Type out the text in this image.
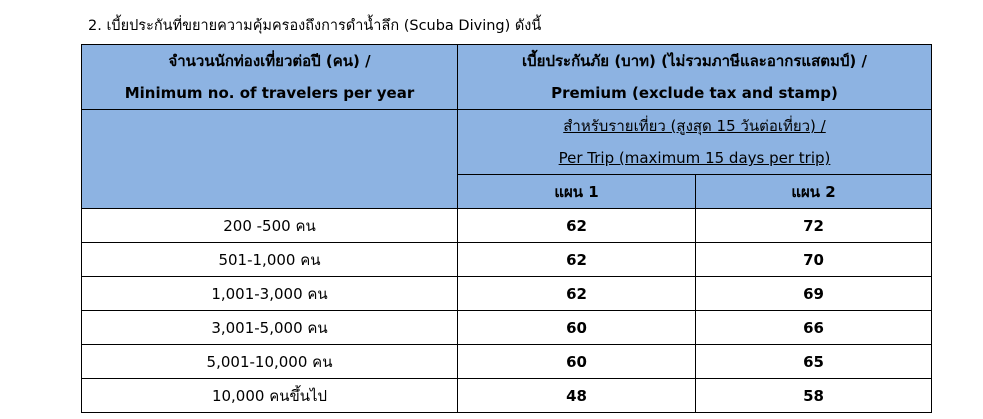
2. เบี้ยประกันที่ขยายความคุ้มครองถึงการดำน้ำลึก (Scuba Diving) ดังนี้
จำนวนนักท่องเที่ยวต่อปี (คน) /	เบี้ยประกันภัย (บาท) (ไม่รวมภาษีและอากรแสตมป์) /	
Minimum no. of travelers per year	Premium (exclude tax and stamp)	
	สำหรับรายเที่ยว (สูงสุด 15 วันต่อเที่ยว) /	
	Per Trip (maximum 15 days per trip)	
	แผน 1	แผน 2
200 -500 คน	62	72
501-1,000 คน	62	70
1,001-3,000 คน	62	69
3,001-5,000 คน	60	66
5,001-10,000 คน	60	65
10,000 คนขึ้นไป	48	58
